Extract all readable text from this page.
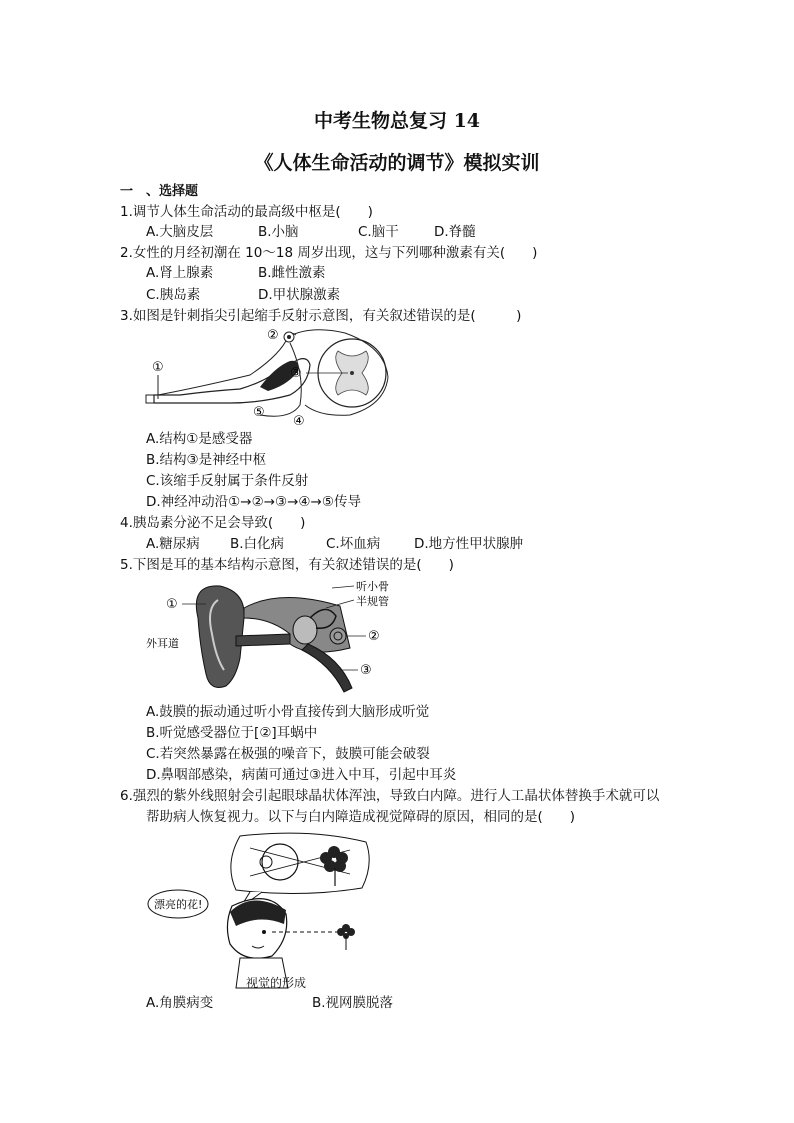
中考生物总复习 14
《人体生命活动的调节》模拟实训
一　、选择题
1.调节人体生命活动的最高级中枢是(　　)
A.大脑皮层	B.小脑	C.脑干	D.脊髓
2.女性的月经初潮在 10～18 周岁出现，这与下列哪种激素有关(　　)
A.肾上腺素	B.雌性激素
C.胰岛素	D.甲状腺激素
3.如图是针刺指尖引起缩手反射示意图，有关叙述错误的是(　　　)
①
②
③
④
⑤
A.结构①是感受器
B.结构③是神经中枢
C.该缩手反射属于条件反射
D.神经冲动沿①→②→③→④→⑤传导
4.胰岛素分泌不足会导致(　　)
A.糖尿病 B.白化病	C.坏血病	D.地方性甲状腺肿
5.下图是耳的基本结构示意图，有关叙述错误的是(　　)
①
外耳道
听小骨
半规管
②
③
A.鼓膜的振动通过听小骨直接传到大脑形成听觉
B.听觉感受器位于[②]耳蜗中
C.若突然暴露在极强的噪音下，鼓膜可能会破裂
D.鼻咽部感染，病菌可通过③进入中耳，引起中耳炎
6.强烈的紫外线照射会引起眼球晶状体浑浊，导致白内障。进行人工晶状体替换手术就可以
帮助病人恢复视力。以下与白内障造成视觉障碍的原因，相同的是(　　)
漂亮的花!
视觉的形成
A.角膜病变	B.视网膜脱落
